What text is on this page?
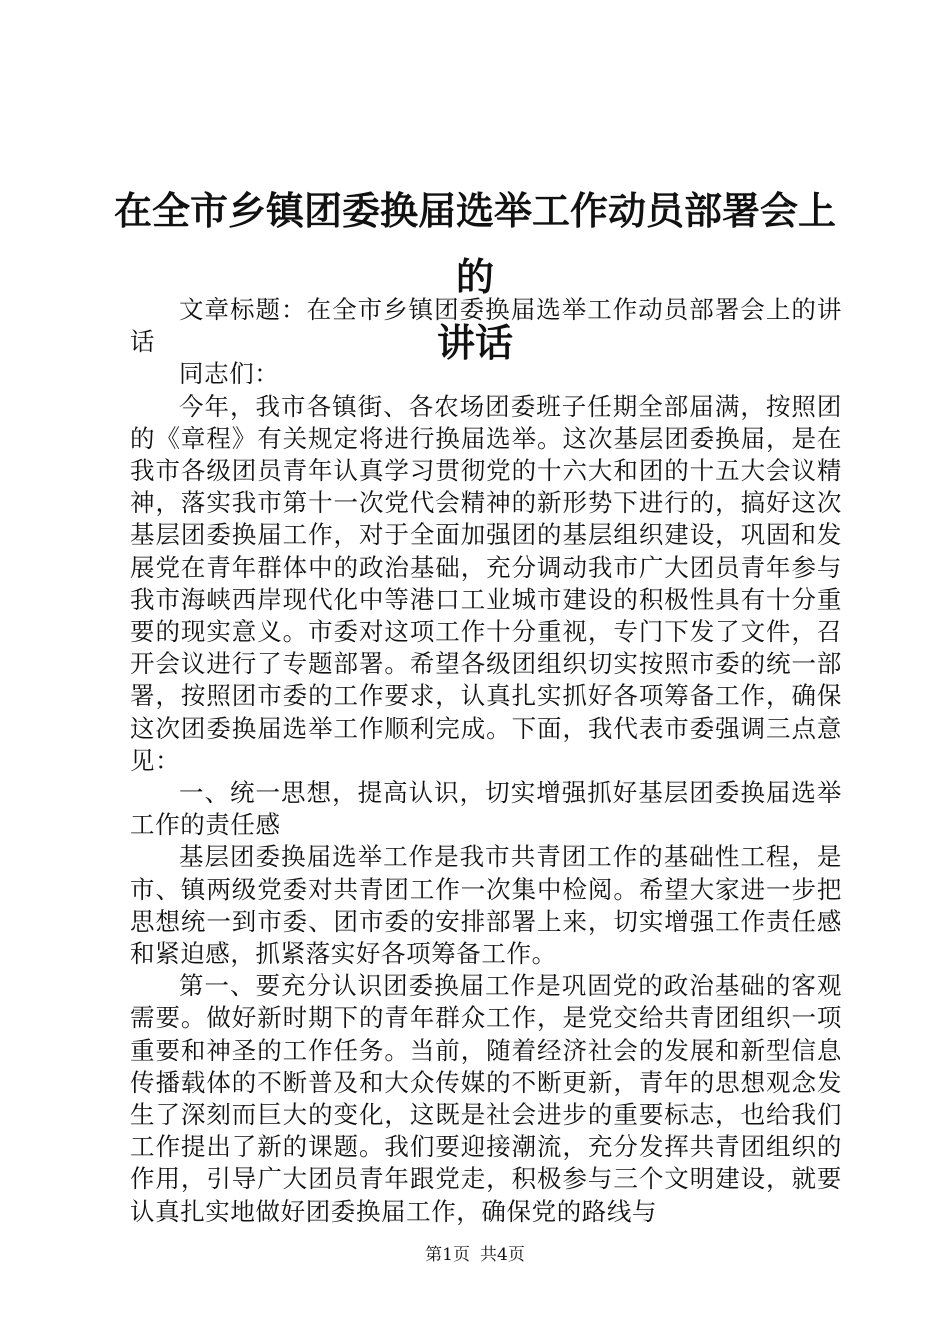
在全市乡镇团委换届选举工作动员部署会上的
讲话

文章标题：在全市乡镇团委换届选举工作动员部署会上的讲话

同志们：

今年，我市各镇街、各农场团委班子任期全部届满，按照团的《章程》有关规定将进行换届选举。这次基层团委换届，是在我市各级团员青年认真学习贯彻党的十六大和团的十五大会议精神，落实我市第十一次党代会精神的新形势下进行的，搞好这次基层团委换届工作，对于全面加强团的基层组织建设，巩固和发展党在青年群体中的政治基础，充分调动我市广大团员青年参与我市海峡西岸现代化中等港口工业城市建设的积极性具有十分重要的现实意义。市委对这项工作十分重视，专门下发了文件，召开会议进行了专题部署。希望各级团组织切实按照市委的统一部署，按照团市委的工作要求，认真扎实抓好各项筹备工作，确保这次团委换届选举工作顺利完成。下面，我代表市委强调三点意见：

一、统一思想，提高认识，切实增强抓好基层团委换届选举工作的责任感

基层团委换届选举工作是我市共青团工作的基础性工程，是市、镇两级党委对共青团工作一次集中检阅。希望大家进一步把思想统一到市委、团市委的安排部署上来，切实增强工作责任感和紧迫感，抓紧落实好各项筹备工作。

第一、要充分认识团委换届工作是巩固党的政治基础的客观需要。做好新时期下的青年群众工作，是党交给共青团组织一项重要和神圣的工作任务。当前，随着经济社会的发展和新型信息传播载体的不断普及和大众传媒的不断更新，青年的思想观念发生了深刻而巨大的变化，这既是社会进步的重要标志，也给我们工作提出了新的课题。我们要迎接潮流，充分发挥共青团组织的作用，引导广大团员青年跟党走，积极参与三个文明建设，就要认真扎实地做好团委换届工作，确保党的路线与

第1页 共4页
